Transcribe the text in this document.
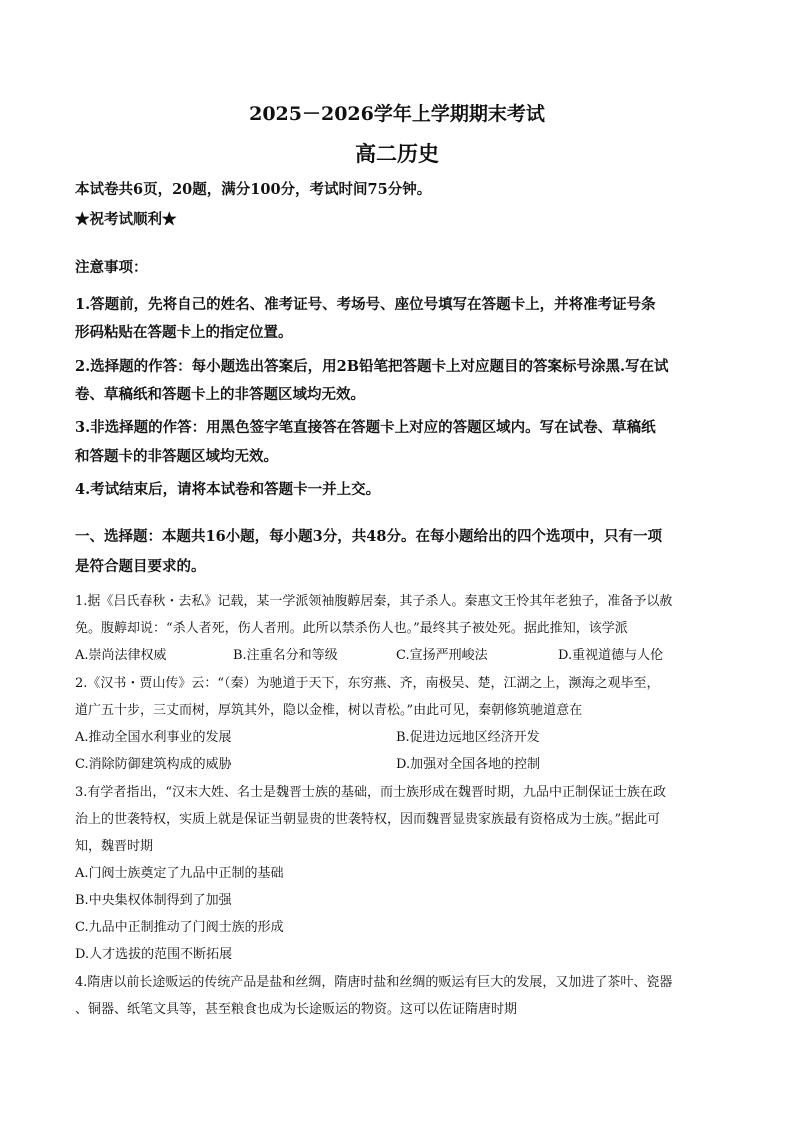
2025－2026学年上学期期末考试
高二历史
本试卷共6页，20题，满分100分，考试时间75分钟。
★祝考试顺利★
注意事项：
1.答题前，先将自己的姓名、准考证号、考场号、座位号填写在答题卡上，并将准考证号条
形码粘贴在答题卡上的指定位置。
2.选择题的作答：每小题选出答案后，用2B铅笔把答题卡上对应题目的答案标号涂黑.写在试
卷、草稿纸和答题卡上的非答题区域均无效。
3.非选择题的作答：用黑色签字笔直接答在答题卡上对应的答题区域内。写在试卷、草稿纸
和答题卡的非答题区域均无效。
4.考试结束后，请将本试卷和答题卡一并上交。
一、选择题：本题共16小题，每小题3分，共48分。在每小题给出的四个选项中，只有一项
是符合题目要求的。
1.据《吕氏春秋・去私》记载，某一学派领袖腹䵍居秦，其子杀人。秦惠文王怜其年老独子，准备予以赦
免。腹䵍却说：“杀人者死，伤人者刑。此所以禁杀伤人也。”最终其子被处死。据此推知，该学派
A.崇尚法律权威	B.注重名分和等级	C.宣扬严刑峻法	D.重视道德与人伦
2.《汉书・贾山传》云：“（秦）为驰道于天下，东穷燕、齐，南极吴、楚，江湖之上，濒海之观毕至，
道广五十步，三丈而树，厚筑其外，隐以金椎，树以青松。”由此可见，秦朝修筑驰道意在
A.推动全国水利事业的发展	B.促进边远地区经济开发
C.消除防御建筑构成的威胁	D.加强对全国各地的控制
3.有学者指出，“汉末大姓、名士是魏晋士族的基础，而士族形成在魏晋时期，九品中正制保证士族在政
治上的世袭特权，实质上就是保证当朝显贵的世袭特权，因而魏晋显贵家族最有资格成为士族。”据此可
知，魏晋时期
A.门阀士族奠定了九品中正制的基础
B.中央集权体制得到了加强
C.九品中正制推动了门阀士族的形成
D.人才选拔的范围不断拓展
4.隋唐以前长途贩运的传统产品是盐和丝绸，隋唐时盐和丝绸的贩运有巨大的发展，又加进了茶叶、瓷器
、铜器、纸笔文具等，甚至粮食也成为长途贩运的物资。这可以佐证隋唐时期
